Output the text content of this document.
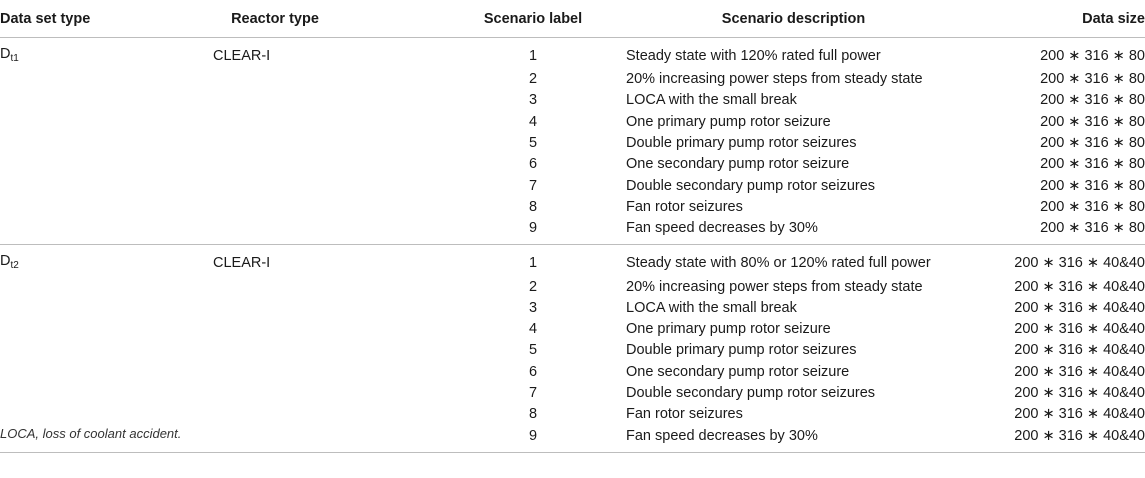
Data set type	Reactor type	Scenario label	Scenario description	Data size
$D_{t1}$	CLEAR-I	1	Steady state with 120% rated full power	200 ∗ 316 ∗ 80
		2	20% increasing power steps from steady state	200 ∗ 316 ∗ 80
		3	LOCA with the small break	200 ∗ 316 ∗ 80
		4	One primary pump rotor seizure	200 ∗ 316 ∗ 80
		5	Double primary pump rotor seizures	200 ∗ 316 ∗ 80
		6	One secondary pump rotor seizure	200 ∗ 316 ∗ 80
		7	Double secondary pump rotor seizures	200 ∗ 316 ∗ 80
		8	Fan rotor seizures	200 ∗ 316 ∗ 80
		9	Fan speed decreases by 30%	200 ∗ 316 ∗ 80
$D_{t2}$	CLEAR-I	1	Steady state with 80% or 120% rated full power	200 ∗ 316 ∗ 40&40
		2	20% increasing power steps from steady state	200 ∗ 316 ∗ 40&40
		3	LOCA with the small break	200 ∗ 316 ∗ 40&40
		4	One primary pump rotor seizure	200 ∗ 316 ∗ 40&40
		5	Double primary pump rotor seizures	200 ∗ 316 ∗ 40&40
		6	One secondary pump rotor seizure	200 ∗ 316 ∗ 40&40
		7	Double secondary pump rotor seizures	200 ∗ 316 ∗ 40&40
		8	Fan rotor seizures	200 ∗ 316 ∗ 40&40
		9	Fan speed decreases by 30%	200 ∗ 316 ∗ 40&40
LOCA, loss of coolant accident.
